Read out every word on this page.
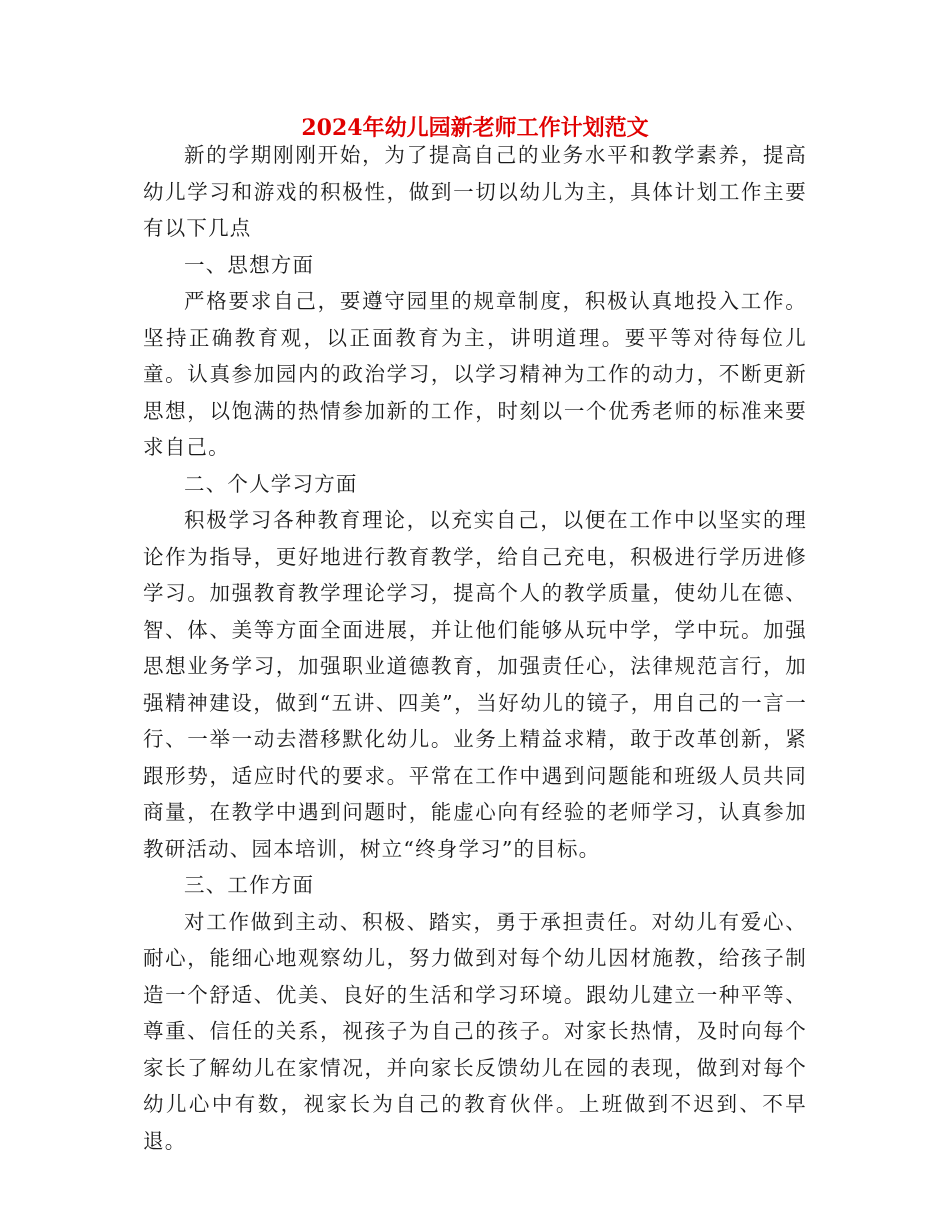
2024年幼儿园新老师工作计划范文

新的学期刚刚开始，为了提高自己的业务水平和教学素养，提高幼儿学习和游戏的积极性，做到一切以幼儿为主，具体计划工作主要有以下几点

一、思想方面

严格要求自己，要遵守园里的规章制度，积极认真地投入工作。坚持正确教育观，以正面教育为主，讲明道理。要平等对待每位儿童。认真参加园内的政治学习，以学习精神为工作的动力，不断更新思想，以饱满的热情参加新的工作，时刻以一个优秀老师的标准来要求自己。

二、个人学习方面

积极学习各种教育理论，以充实自己，以便在工作中以坚实的理论作为指导，更好地进行教育教学，给自己充电，积极进行学历进修学习。加强教育教学理论学习，提高个人的教学质量，使幼儿在德、智、体、美等方面全面进展，并让他们能够从玩中学，学中玩。加强思想业务学习，加强职业道德教育，加强责任心，法律规范言行，加强精神建设，做到“五讲、四美”，当好幼儿的镜子，用自己的一言一行、一举一动去潜移默化幼儿。业务上精益求精，敢于改革创新，紧跟形势，适应时代的要求。平常在工作中遇到问题能和班级人员共同商量，在教学中遇到问题时，能虚心向有经验的老师学习，认真参加教研活动、园本培训，树立“终身学习”的目标。

三、工作方面

对工作做到主动、积极、踏实，勇于承担责任。对幼儿有爱心、耐心，能细心地观察幼儿，努力做到对每个幼儿因材施教，给孩子制造一个舒适、优美、良好的生活和学习环境。跟幼儿建立一种平等、尊重、信任的关系，视孩子为自己的孩子。对家长热情，及时向每个家长了解幼儿在家情况，并向家长反馈幼儿在园的表现，做到对每个幼儿心中有数，视家长为自己的教育伙伴。上班做到不迟到、不早退。
